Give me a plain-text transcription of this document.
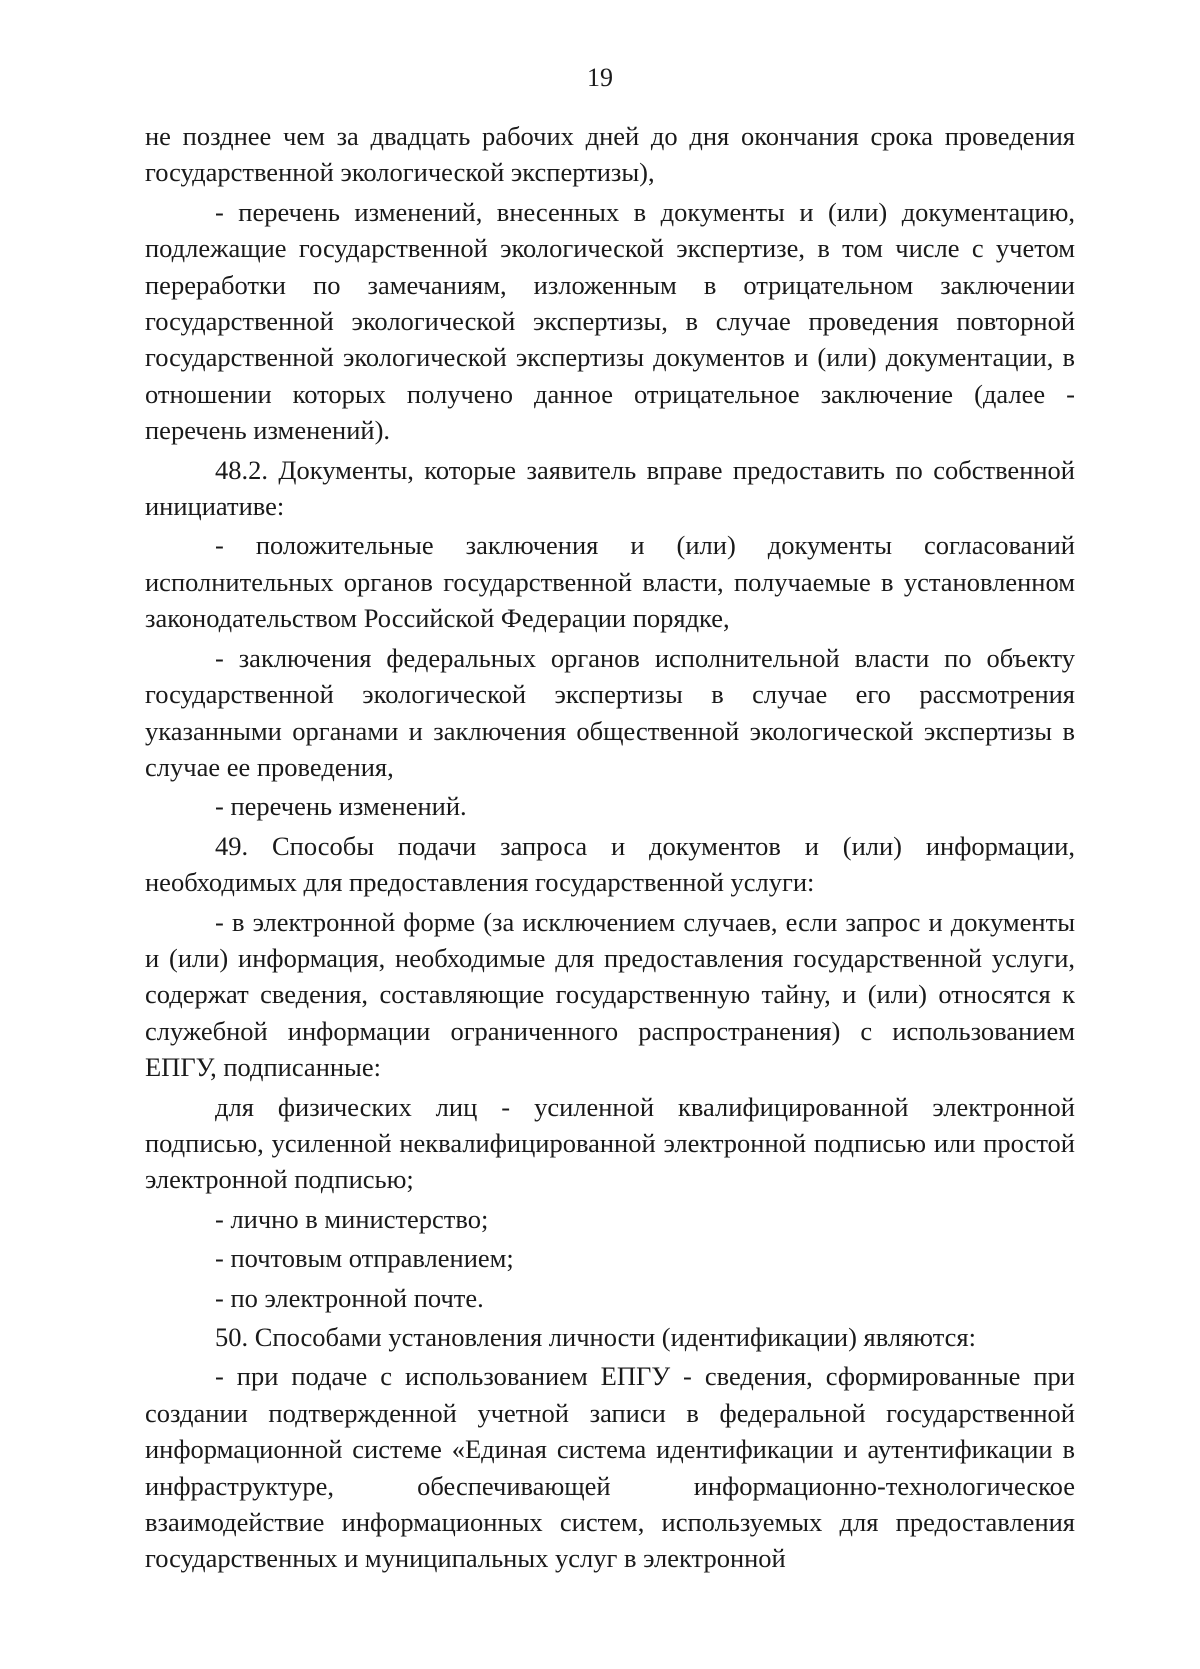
19

не позднее чем за двадцать рабочих дней до дня окончания срока проведения государственной экологической экспертизы),

- перечень изменений, внесенных в документы и (или) документацию, подлежащие государственной экологической экспертизе, в том числе с учетом переработки по замечаниям, изложенным в отрицательном заключении государственной экологической экспертизы, в случае проведения повторной государственной экологической экспертизы документов и (или) документации, в отношении которых получено данное отрицательное заключение (далее - перечень изменений).

48.2. Документы, которые заявитель вправе предоставить по собственной инициативе:

- положительные заключения и (или) документы согласований исполнительных органов государственной власти, получаемые в установленном законодательством Российской Федерации порядке,

- заключения федеральных органов исполнительной власти по объекту государственной экологической экспертизы в случае его рассмотрения указанными органами и заключения общественной экологической экспертизы в случае ее проведения,

- перечень изменений.

49. Способы подачи запроса и документов и (или) информации, необходимых для предоставления государственной услуги:

- в электронной форме (за исключением случаев, если запрос и документы и (или) информация, необходимые для предоставления государственной услуги, содержат сведения, составляющие государственную тайну, и (или) относятся к служебной информации ограниченного распространения) с использованием ЕПГУ, подписанные:

для физических лиц - усиленной квалифицированной электронной подписью, усиленной неквалифицированной электронной подписью или простой электронной подписью;

- лично в министерство;

- почтовым отправлением;

- по электронной почте.

50. Способами установления личности (идентификации) являются:

- при подаче с использованием ЕПГУ - сведения, сформированные при создании подтвержденной учетной записи в федеральной государственной информационной системе «Единая система идентификации и аутентификации в инфраструктуре, обеспечивающей информационно-технологическое взаимодействие информационных систем, используемых для предоставления государственных и муниципальных услуг в электронной
